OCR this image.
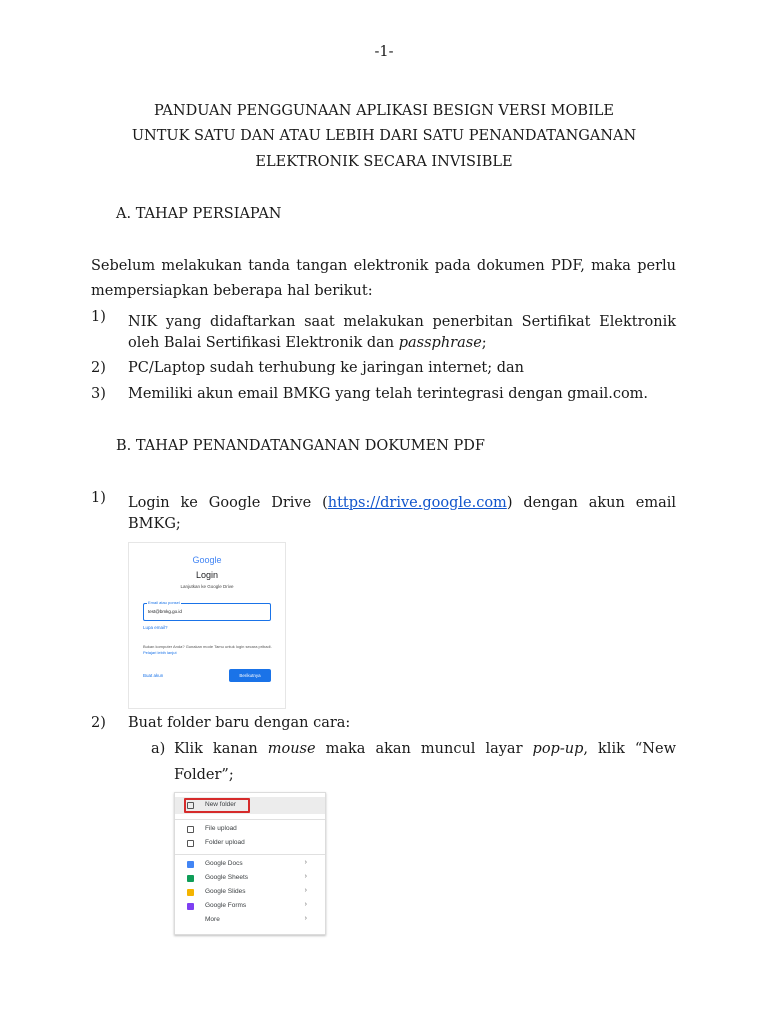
-1-
PANDUAN PENGGUNAAN APLIKASI BESIGN VERSI MOBILE
UNTUK SATU DAN ATAU LEBIH DARI SATU PENANDATANGANAN
ELEKTRONIK SECARA INVISIBLE
A. TAHAP PERSIAPAN
Sebelum melakukan tanda tangan elektronik pada dokumen PDF, maka perlu
mempersiapkan beberapa hal berikut:
1)	NIK yang didaftarkan saat melakukan penerbitan Sertifikat Elektronik
oleh Balai Sertifikasi Elektronik dan passphrase;
2)	PC/Laptop sudah terhubung ke jaringan internet; dan
3)	Memiliki akun email BMKG yang telah terintegrasi dengan gmail.com.
B. TAHAP PENANDATANGANAN DOKUMEN PDF
1)	Login ke Google Drive (https://drive.google.com) dengan akun email
BMKG;
Google
Login
Lanjutkan ke Google Drive
Email atau ponsel
test@bmkg.go.id
Lupa email?
Bukan komputer Anda? Gunakan mode Tamu untuk login secara pribadi. Pelajari lebih lanjut
Buat akun	Berikutnya
2)	Buat folder baru dengan cara:
a) Klik kanan mouse maka akan muncul layar pop-up, klik “New
Folder”;
New folder
File upload
Folder upload
Google Docs	›
Google Sheets	›
Google Slides	›
Google Forms	›
More	›
